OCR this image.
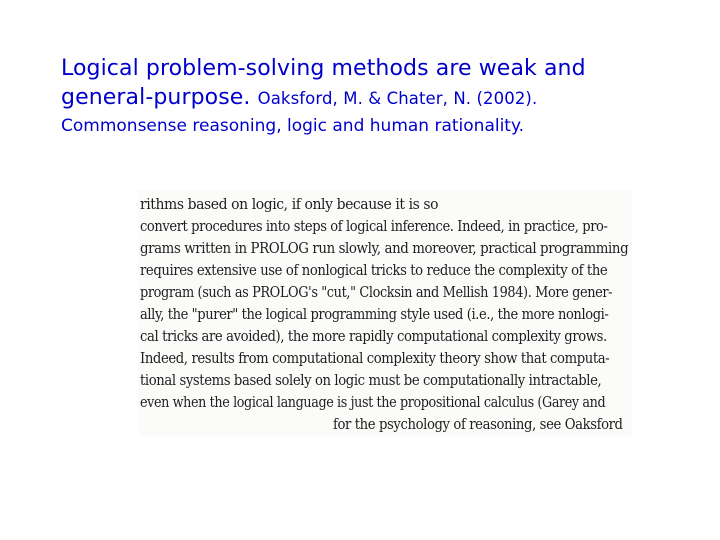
Logical problem-solving methods are weak and
general-purpose. Oaksford, M. & Chater, N. (2002).
Commonsense reasoning, logic and human rationality.
rithms based on logic, if only because it is so
convert procedures into steps of logical inference. Indeed, in practice, pro-
grams written in PROLOG run slowly, and moreover, practical programming
requires extensive use of nonlogical tricks to reduce the complexity of the
program (such as PROLOG's "cut," Clocksin and Mellish 1984). More gener-
ally, the "purer" the logical programming style used (i.e., the more nonlogi-
cal tricks are avoided), the more rapidly computational complexity grows.
Indeed, results from computational complexity theory show that computa-
tional systems based solely on logic must be computationally intractable,
even when the logical language is just the propositional calculus (Garey and
for the psychology of reasoning, see Oaksford
